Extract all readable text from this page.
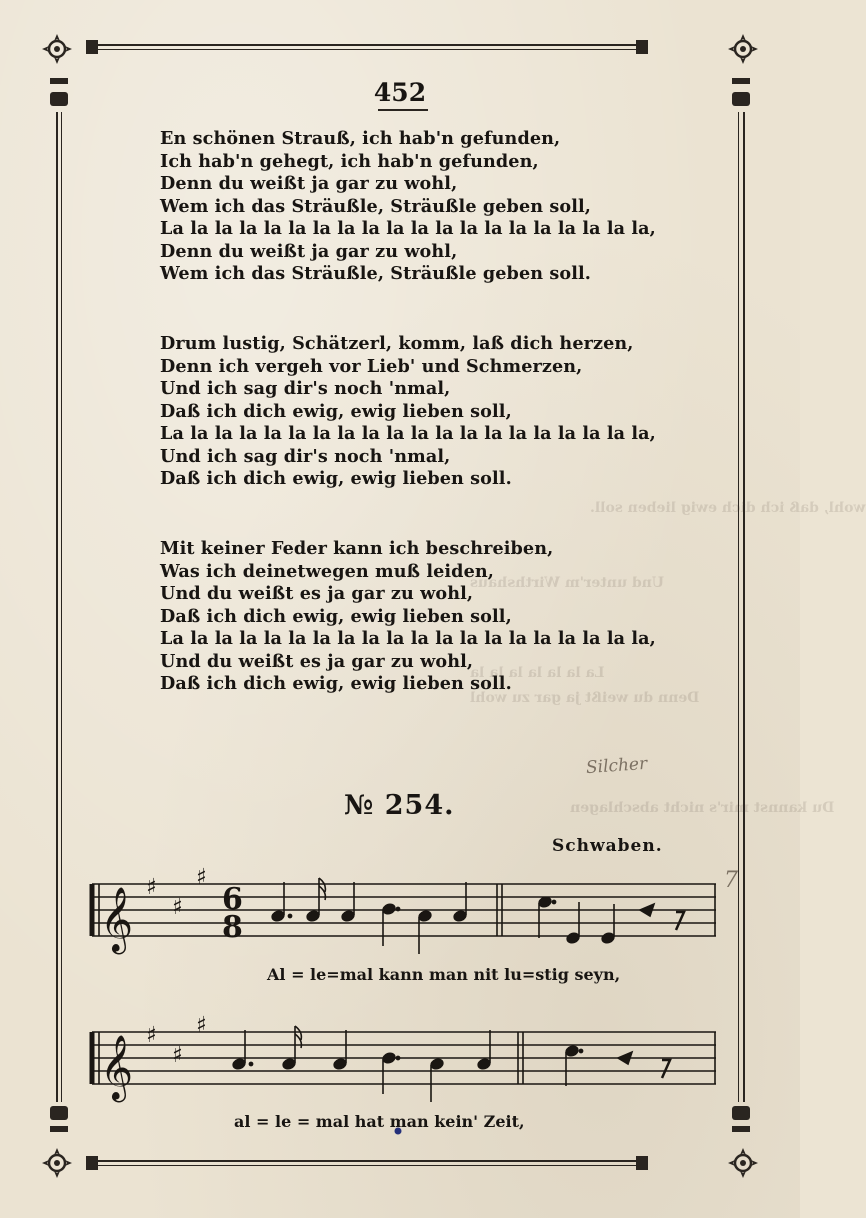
wohl, daß ich dich ewig lieben soll.
Und unter'm Wirthshaus
La la la la la la la
Denn du weißt ja gar zu wohl
Du kannst mir's nicht abschlagen
452
En schönen Strauß, ich hab'n gefunden,
Ich hab'n gehegt, ich hab'n gefunden,
Denn du weißt ja gar zu wohl,
Wem ich das Sträußle, Sträußle geben soll,
La la la la la la la la la la la la la la la la la la la la,
Denn du weißt ja gar zu wohl,
Wem ich das Sträußle, Sträußle geben soll.
Drum lustig, Schätzerl, komm, laß dich herzen,
Denn ich vergeh vor Lieb' und Schmerzen,
Und ich sag dir's noch 'nmal,
Daß ich dich ewig, ewig lieben soll,
La la la la la la la la la la la la la la la la la la la la,
Und ich sag dir's noch 'nmal,
Daß ich dich ewig, ewig lieben soll.
Mit keiner Feder kann ich beschreiben,
Was ich deinetwegen muß leiden,
Und du weißt es ja gar zu wohl,
Daß ich dich ewig, ewig lieben soll,
La la la la la la la la la la la la la la la la la la la la,
Und du weißt es ja gar zu wohl,
Daß ich dich ewig, ewig lieben soll.
Silcher
7
№ 254.
Schwaben.
𝄞
𝄞
♯
♯
♯
♯
♯
♯
6
8
Al = le=mal kann man nit lu=stig seyn,
al = le = mal hat man kein' Zeit,
